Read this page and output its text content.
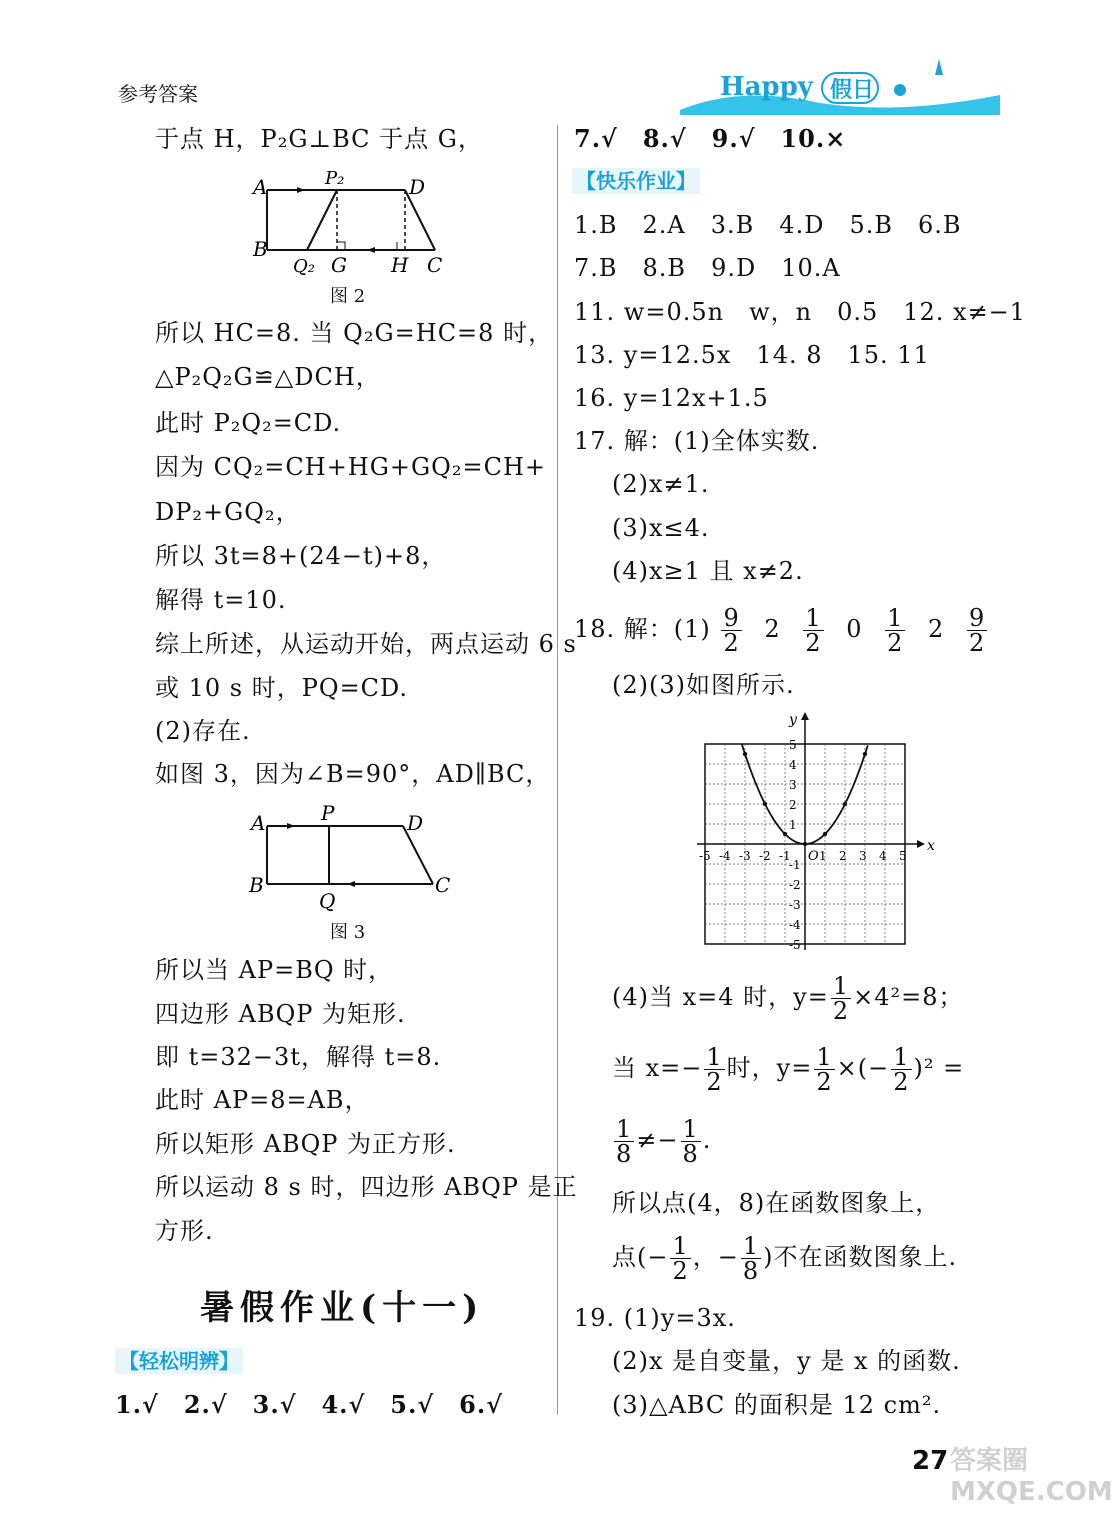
参考答案	Happy 假日
于点 H，P₂G⊥BC 于点 G，
A
B
P₂	D
Q₂ G H C
图 2
所以 HC=8. 当 Q₂G=HC=8 时，
△P₂Q₂G≌△DCH，
此时 P₂Q₂=CD.
因为 CQ₂=CH+HG+GQ₂=CH+
DP₂+GQ₂，
所以 3t=8+(24−t)+8，
解得 t=10.
综上所述，从运动开始，两点运动 6 s
或 10 s 时，PQ=CD.
(2)存在.
如图 3，因为∠B=90°，AD∥BC，
A
B
P	D
Q
C
图 3
所以当 AP=BQ 时，
四边形 ABQP 为矩形.
即 t=32−3t，解得 t=8.
此时 AP=8=AB，
所以矩形 ABQP 为正方形.
所以运动 8 s 时，四边形 ABQP 是正
方形.
暑假作业(十一)
【轻松明辨】
1.√　2.√　3.√　4.√　5.√　6.√
7.√　8.√　9.√　10.×
【快乐作业】
1.B　2.A　3.B　4.D　5.B　6.B
7.B　8.B　9.D　10.A
11. w=0.5n　w，n　0.5　12. x≠−1
13. y=12.5x　14. 8　15. 11
16. y=12x+1.5
17. 解：(1)全体实数.
(2)x≠1.
(3)x≤4.
(4)x≥1 且 x≠2.
18. 解：$(1) \frac{9}{2} 2 \frac{1}{2} 0 \frac{1}{2} 2 \frac{9}{2}$
(2)(3)如图所示.
x
y
O
-5 -4 -3 -2 -1 1 2 3 4 5
5
4
3
2
1
-1
-2
-3
-4
-5
(4)当 x=4 时，$y= \frac{1}{2} \times 4^2=8$；
当 $x=- \frac{1}{2}$ 时，$y= \frac{1}{2}$ ×(− $\frac{1}{2} )^2$ =
$\frac{1}{8} \ne- \frac{1}{8}$ .
所以点(4，8)在函数图象上，
点(− $\frac{1}{2}$ ，− $\frac{1}{8}$ )不在函数图象上.
19. (1)y=3x.
(2)x 是自变量，y 是 x 的函数.
(3)△ABC 的面积是 12 cm².
27 答案圈 MXQE.COM
